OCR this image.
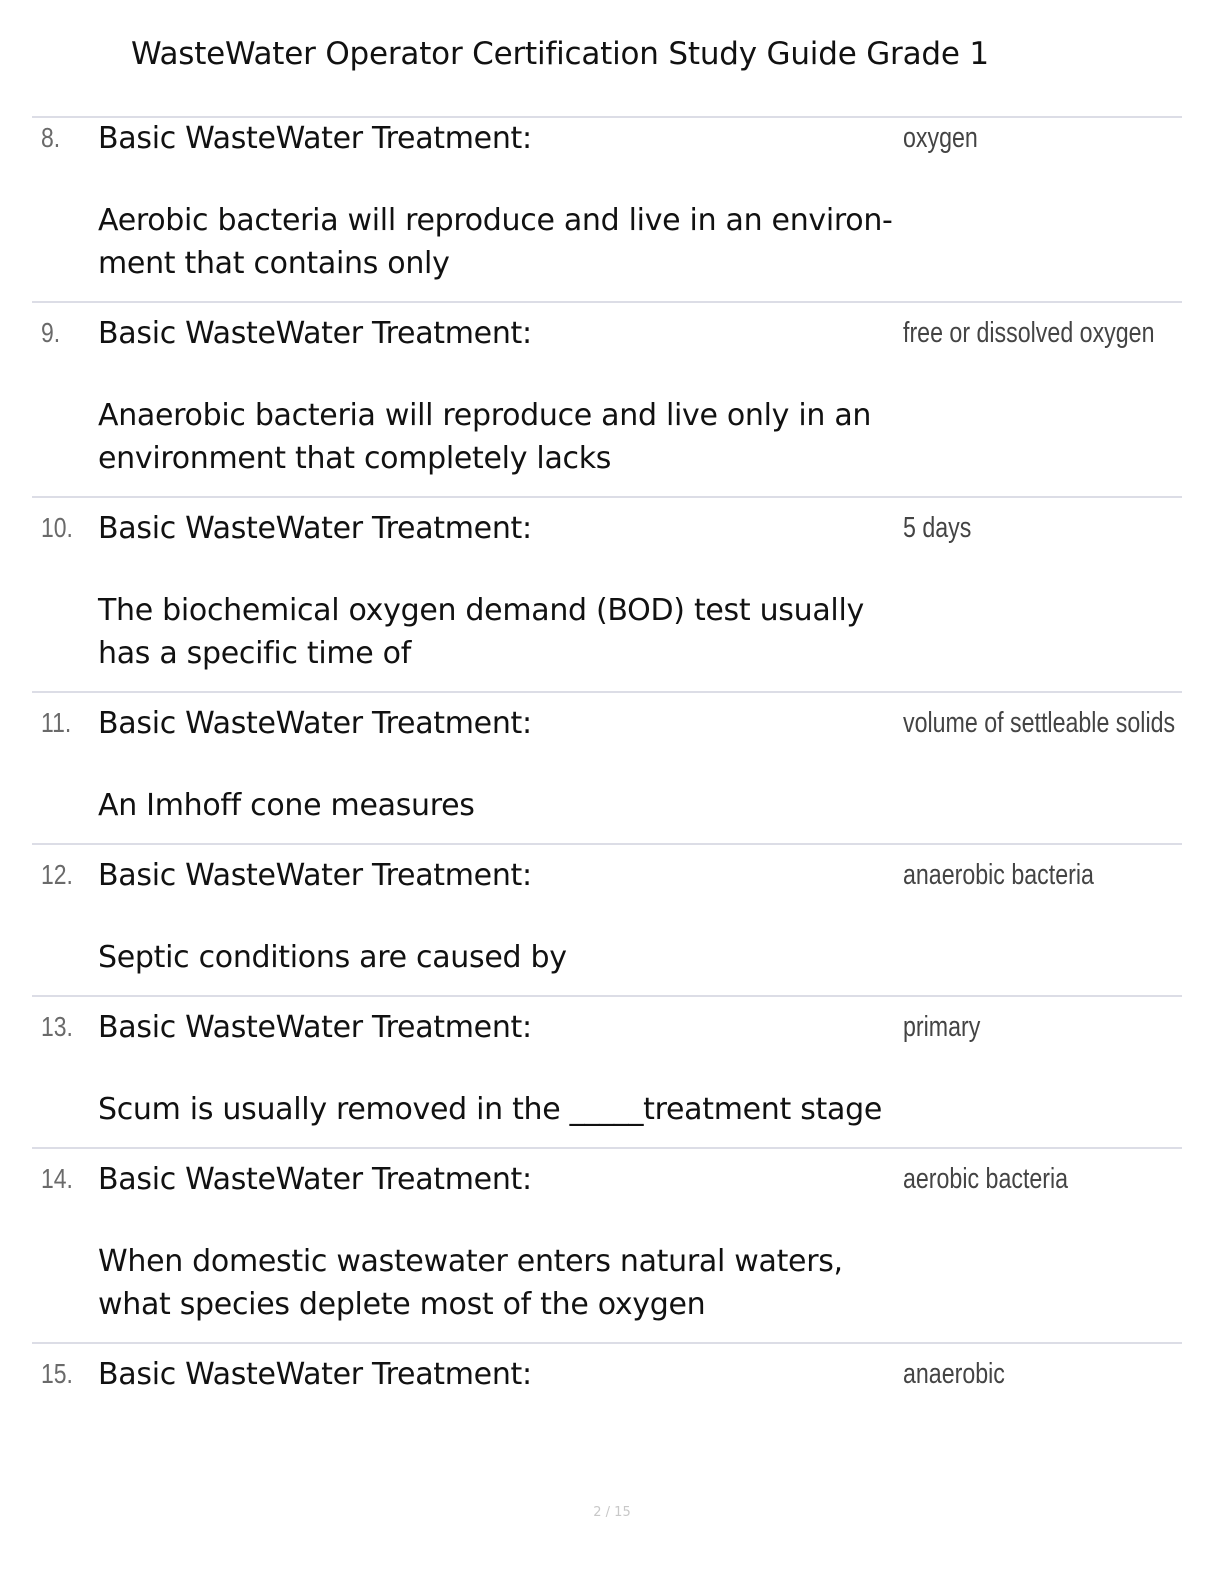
WasteWater Operator Certification Study Guide Grade 1
8. Basic WasteWater Treatment:
Aerobic bacteria will reproduce and live in an environ-
ment that contains only
oxygen
9. Basic WasteWater Treatment:
Anaerobic bacteria will reproduce and live only in an environment that completely lacks
free or dissolved oxygen
10. Basic WasteWater Treatment:
The biochemical oxygen demand (BOD) test usually has a specific time of
5 days
11. Basic WasteWater Treatment:
An Imhoff cone measures
volume of settleable solids
12. Basic WasteWater Treatment:
Septic conditions are caused by
anaerobic bacteria
13. Basic WasteWater Treatment:
Scum is usually removed in the _____treatment stage
primary
14. Basic WasteWater Treatment:
When domestic wastewater enters natural waters, what species deplete most of the oxygen
aerobic bacteria
15. Basic WasteWater Treatment:	anaerobic
2 / 15
